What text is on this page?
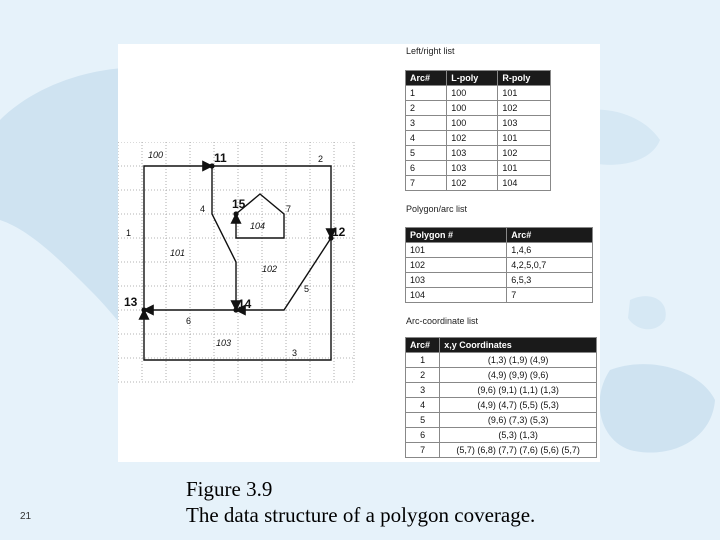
100
101
102
103
104
11
12
13	14
15
1
2
3
4
5
6
7
Left/right list
Arc#	L-poly	R-poly
1	100	101
2	100	102
3	100	103
4	102	101
5	103	102
6	103	101
7	102	104
Polygon/arc list
Polygon #	Arc#
101	1,4,6
102	4,2,5,0,7
103	6,5,3
104	7
Arc-coordinate list
Arc#	x,y Coordinates
1	(1,3) (1,9) (4,9)
2	(4,9) (9,9) (9,6)
3	(9,6) (9,1) (1,1) (1,3)
4	(4,9) (4,7) (5,5) (5,3)
5	(9,6) (7,3) (5,3)
6	(5,3) (1,3)
7	(5,7) (6,8) (7,7) (7,6) (5,6) (5,7)
Figure 3.9
The data structure of a polygon coverage.
21
